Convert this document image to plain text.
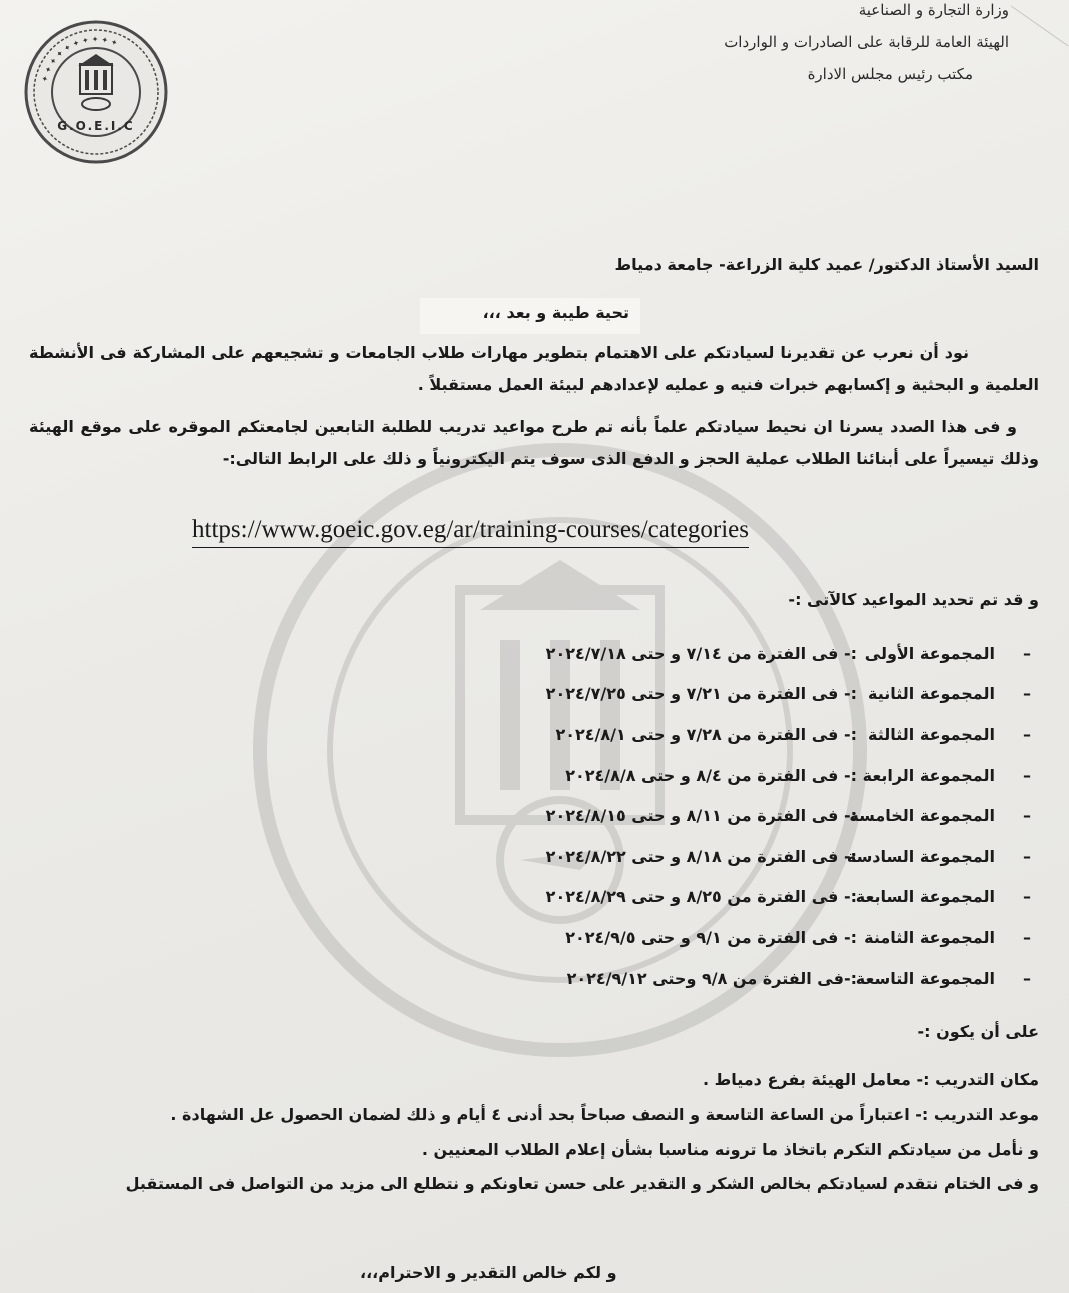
✦ ✦ ✦ ✦ ✦ ✦ ✦ ✦ ✦ ✦
G.O.E.I.C
وزارة التجارة و الصناعية
الهيئة العامة للرقابة على الصادرات و الواردات
مكتب رئيس مجلس الادارة
السيد الأستاذ الدكتور/ عميد كلية الزراعة- جامعة دمياط
تحية طيبة و بعد ،،،
نود أن نعرب عن تقديرنا لسيادتكم على الاهتمام بتطوير مهارات طلاب الجامعات و تشجيعهم على المشاركة فى الأنشطة العلمية و البحثية و إكسابهم خبرات فنيه و عمليه لإعدادهم لبيئة العمل مستقبلاً .
و فى هذا الصدد يسرنا ان نحيط سيادتكم علماً بأنه تم طرح مواعيد تدريب للطلبة التابعين لجامعتكم الموقره على موقع الهيئة وذلك تيسيراً على أبنائنا الطلاب عملية الحجز و الدفع الذى سوف يتم اليكترونياً و ذلك على الرابط التالى:-
https://www.goeic.gov.eg/ar/training-courses/categories
و قد تم تحديد المواعيد كالآتى :-
–
المجموعة الأولى
:- فى الفترة من ٧/١٤ و حتى ٢٠٢٤/٧/١٨
–
المجموعة الثانية
:- فى الفترة من ٧/٢١ و حتى ٢٠٢٤/٧/٢٥
–
المجموعة الثالثة
:- فى الفترة من ٧/٢٨ و حتى ٢٠٢٤/٨/١
–
المجموعة الرابعة
:- فى الفترة من ٨/٤ و حتى ٢٠٢٤/٨/٨
–
المجموعة الخامسة
:- فى الفترة من ٨/١١ و حتى ٢٠٢٤/٨/١٥
–
المجموعة السادسة
:- فى الفترة من ٨/١٨ و حتى ٢٠٢٤/٨/٢٢
–
المجموعة السابعة
:- فى الفترة من ٨/٢٥ و حتى ٢٠٢٤/٨/٢٩
–
المجموعة الثامنة
:- فى الفترة من ٩/١ و حتى ٢٠٢٤/٩/٥
–
المجموعة التاسعة
:-فى الفترة من ٩/٨ وحتى ٢٠٢٤/٩/١٢
على أن يكون :-
مكان التدريب :- معامل الهيئة بفرع دمياط .
موعد التدريب :- اعتباراً من الساعة التاسعة و النصف صباحاً بحد أدنى ٤ أيام و ذلك لضمان الحصول عل الشهادة .
و نأمل من سيادتكم التكرم باتخاذ ما ترونه مناسبا بشأن إعلام الطلاب المعنيين .
و فى الختام نتقدم لسيادتكم بخالص الشكر و التقدير على حسن تعاونكم و نتطلع الى مزيد من التواصل فى المستقبل
و لكم خالص التقدير و الاحترام،،،
